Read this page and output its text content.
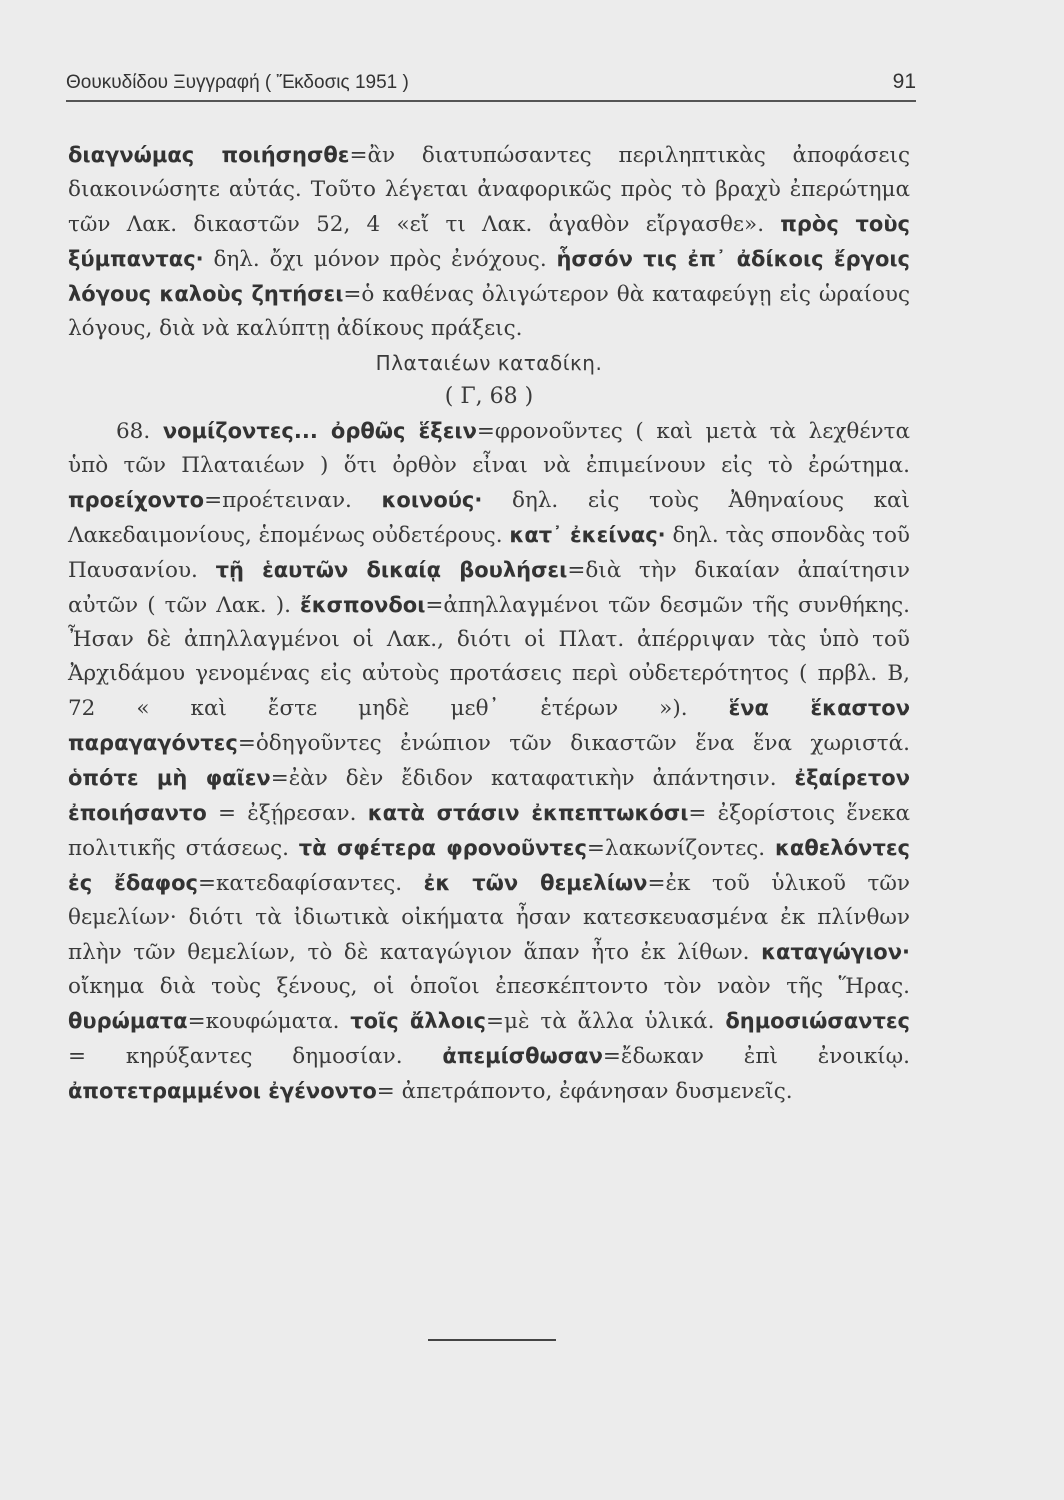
Θουκυδίδου Ξυγγραφή ( Ἔκδοσις 1951 )	91

διαγνώμας ποιήσησθε=ἂν διατυπώσαντες περιληπτικὰς ἀποφάσεις διακοινώσητε αὐτάς. Τοῦτο λέγεται ἀναφορικῶς πρὸς τὸ βραχὺ ἐπερώτημα τῶν Λακ. δικαστῶν 52, 4 «εἴ τι Λακ. ἀγαθὸν εἴργασθε». πρὸς τοὺς ξύμπαντας· δηλ. ὄχι μόνον πρὸς ἐνόχους. ἧσσόν τις ἐπ᾽ ἀδίκοις ἔργοις λόγους καλοὺς ζητήσει=ὁ καθένας ὀλιγώτερον θὰ καταφεύγῃ εἰς ὡραίους λόγους, διὰ νὰ καλύπτῃ ἀδίκους πράξεις.

Πλαταιέων καταδίκη.

( Γ, 68 )

68. νομίζοντες... ὀρθῶς ἕξειν=φρονοῦντες ( καὶ μετὰ τὰ λεχθέντα ὑπὸ τῶν Πλαταιέων ) ὅτι ὀρθὸν εἶναι νὰ ἐπιμείνουν εἰς τὸ ἐρώτημα. προείχοντο=προέτειναν. κοινούς· δηλ. εἰς τοὺς Ἀθηναίους καὶ Λακεδαιμονίους, ἑπομένως οὐδετέρους. κατ᾽ ἐκείνας· δηλ. τὰς σπονδὰς τοῦ Παυσανίου. τῇ ἑαυτῶν δικαίᾳ βουλήσει=διὰ τὴν δικαίαν ἀπαίτησιν αὐτῶν ( τῶν Λακ. ). ἔκσπονδοι=ἀπηλλαγμένοι τῶν δεσμῶν τῆς συνθήκης. Ἦσαν δὲ ἀπηλλαγμένοι οἱ Λακ., διότι οἱ Πλατ. ἀπέρριψαν τὰς ὑπὸ τοῦ Ἀρχιδάμου γενομένας εἰς αὐτοὺς προτάσεις περὶ οὐδετερότητος ( πρβλ. Β, 72 « καὶ ἔστε μηδὲ μεθ᾽ ἑτέρων »). ἕνα ἕκαστον παραγαγόντες=ὁδηγοῦντες ἐνώπιον τῶν δικαστῶν ἕνα ἕνα χωριστά. ὁπότε μὴ φαῖεν=ἐὰν δὲν ἔδιδον καταφατικὴν ἀπάντησιν. ἐξαίρετον ἐποιήσαντο = ἐξῄρεσαν. κατὰ στάσιν ἐκπεπτωκόσι= ἐξορίστοις ἕνεκα πολιτικῆς στάσεως. τὰ σφέτερα φρονοῦντες=λακωνίζοντες. καθελόντες ἐς ἔδαφος=κατεδαφίσαντες. ἐκ τῶν θεμελίων=ἐκ τοῦ ὑλικοῦ τῶν θεμελίων· διότι τὰ ἰδιωτικὰ οἰκήματα ἦσαν κατεσκευασμένα ἐκ πλίνθων πλὴν τῶν θεμελίων, τὸ δὲ καταγώγιον ἅπαν ἦτο ἐκ λίθων. καταγώγιον· οἴκημα διὰ τοὺς ξένους, οἱ ὁποῖοι ἐπεσκέπτοντο τὸν ναὸν τῆς Ἥρας. θυρώματα=κουφώματα. τοῖς ἄλλοις=μὲ τὰ ἄλλα ὑλικά. δημοσιώσαντες = κηρύξαντες δημοσίαν. ἀπεμίσθωσαν=ἔδωκαν ἐπὶ ἐνοικίῳ. ἀποτετραμμένοι ἐγένοντο= ἀπετράποντο, ἐφάνησαν δυσμενεῖς.
